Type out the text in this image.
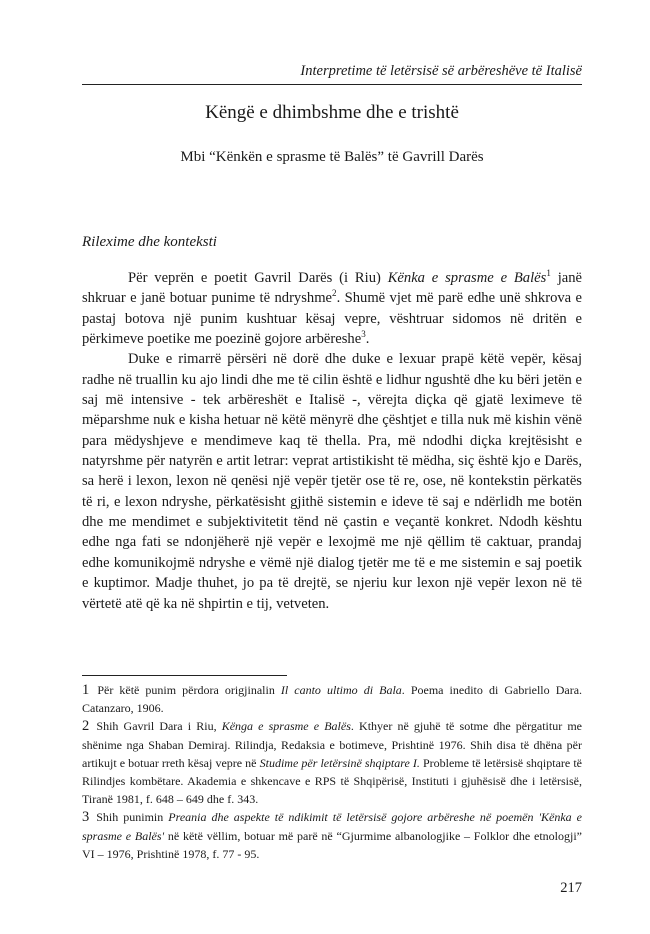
Interpretime të letërsisë së arbëreshëve të Italisë
Këngë e dhimbshme dhe e trishtë
Mbi “Kënkën e sprasme të Balës” të Gavrill Darës
Rilexime dhe konteksti

Për veprën e poetit Gavril Darës (i Riu) Kënka e sprasme e Balës$^1$ janë shkruar e janë botuar punime të ndryshme$^2$. Shumë vjet më parë edhe unë shkrova e pastaj botova një punim kushtuar kësaj vepre, vështruar sidomos në dritën e përkimeve poetike me poezinë gojore arbëreshe$^3$.

Duke e rimarrë përsëri në dorë dhe duke e lexuar prapë këtë vepër, kësaj radhe në truallin ku ajo lindi dhe me të cilin është e lidhur ngushtë dhe ku bëri jetën e saj më intensive - tek arbëreshët e Italisë -, vërejta diçka që gjatë leximeve të mëparshme nuk e kisha hetuar në këtë mënyrë dhe çështjet e tilla nuk më kishin vënë para mëdyshjeve e mendimeve kaq të thella. Pra, më ndodhi diçka krejtësisht e natyrshme për natyrën e artit letrar: veprat artistikisht të mëdha, siç është kjo e Darës, sa herë i lexon, lexon në qenësi një vepër tjetër ose të re, ose, në kontekstin përkatës të ri, e lexon ndryshe, përkatësisht gjithë sistemin e ideve të saj e ndërlidh me botën dhe me mendimet e subjektivitetit tënd në çastin e veçantë konkret. Ndodh kështu edhe nga fati se ndonjëherë një vepër e lexojmë me një qëllim të caktuar, prandaj edhe komunikojmë ndryshe e vëmë një dialog tjetër me të e me sistemin e saj poetik e kuptimor. Madje thuhet, jo pa të drejtë, se njeriu kur lexon një vepër lexon në të vërtetë atë që ka në shpirtin e tij, vetveten.

1 Për këtë punim përdora origjinalin Il canto ultimo di Bala. Poema inedito di Gabriello Dara. Catanzaro, 1906.

2 Shih Gavril Dara i Riu, Kënga e sprasme e Balës. Kthyer në gjuhë të sotme dhe përgatitur me shënime nga Shaban Demiraj. Rilindja, Redaksia e botimeve, Prishtinë 1976. Shih disa të dhëna për artikujt e botuar rreth kësaj vepre në Studime për letërsinë shqiptare I. Probleme të letërsisë shqiptare të Rilindjes kombëtare. Akademia e shkencave e RPS të Shqipërisë, Instituti i gjuhësisë dhe i letërsisë, Tiranë 1981, f. 648 – 649 dhe f. 343.

3 Shih punimin Preania dhe aspekte të ndikimit të letërsisë gojore arbëreshe në poemën 'Kënka e sprasme e Balës' në këtë vëllim, botuar më parë në “Gjurmime albanologjike – Folklor dhe etnologji” VI – 1976, Prishtinë 1978, f. 77 - 95.

217
